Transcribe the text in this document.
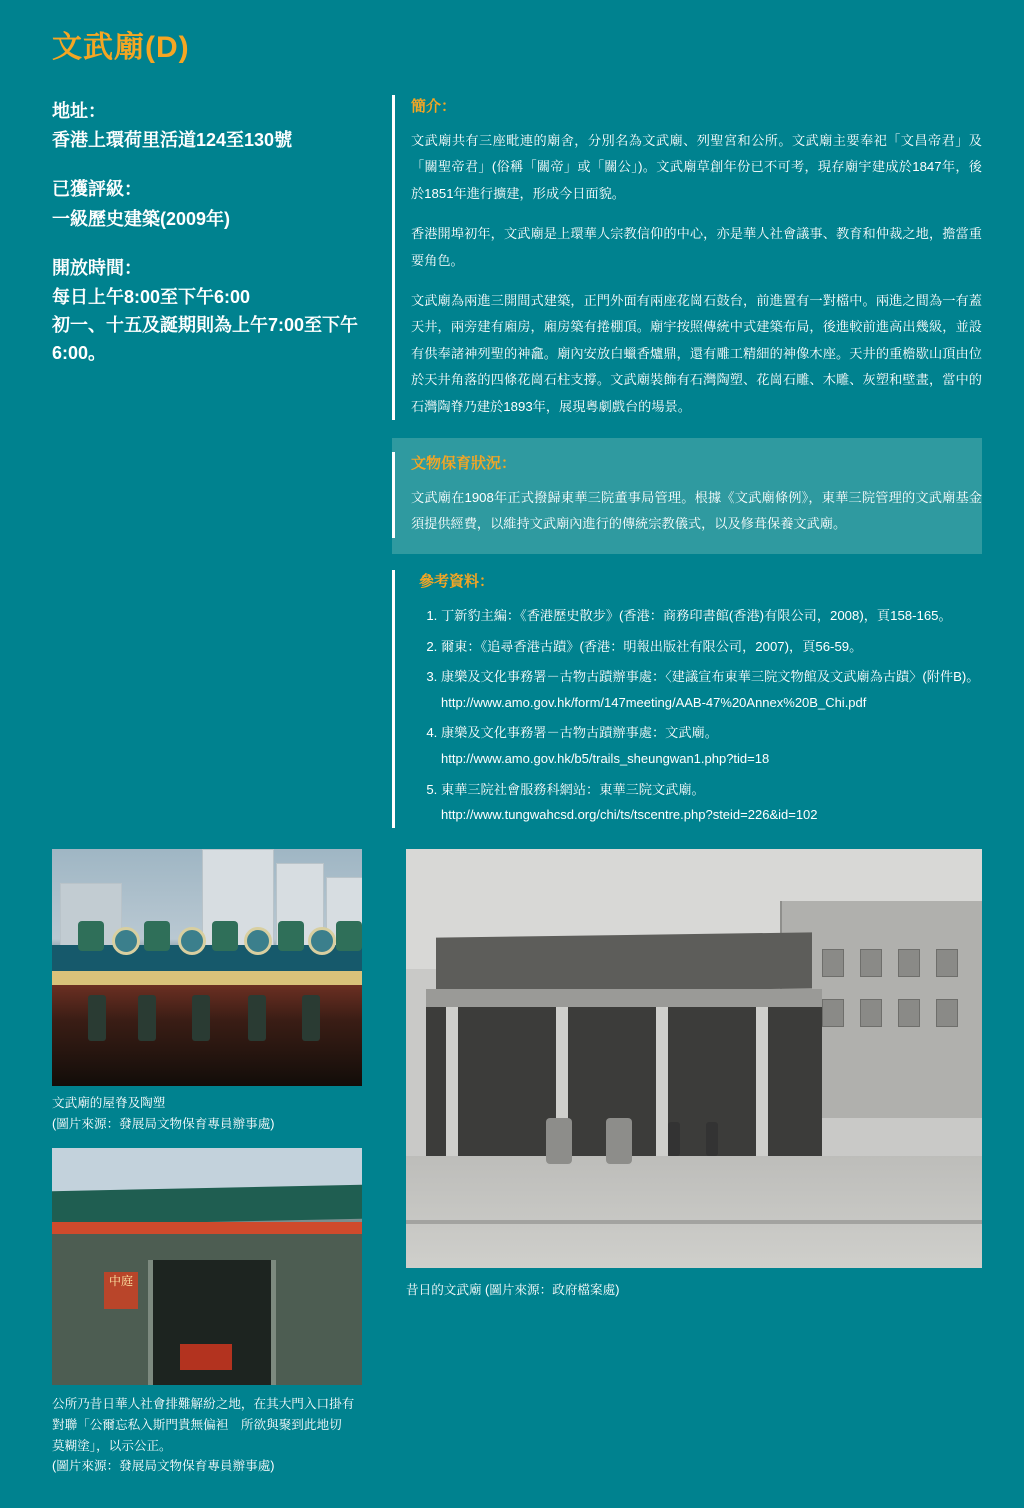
文武廟(D)
地址：
香港上環荷里活道124至130號
已獲評級：
一級歷史建築(2009年)
開放時間：
每日上午8:00至下午6:00
初一、十五及誕期則為上午7:00至下午6:00。
簡介：
文武廟共有三座毗連的廟舍，分別名為文武廟、列聖宮和公所。文武廟主要奉祀「文昌帝君」及「關聖帝君」(俗稱「關帝」或「關公」)。文武廟草創年份已不可考，現存廟宇建成於1847年，後於1851年進行擴建，形成今日面貌。
香港開埠初年，文武廟是上環華人宗教信仰的中心，亦是華人社會議事、教育和仲裁之地，擔當重要角色。
文武廟為兩進三開間式建築，正門外面有兩座花崗石鼓台，前進置有一對檔中。兩進之間為一有蓋天井，兩旁建有廂房，廂房築有捲棚頂。廟宇按照傳統中式建築布局，後進較前進高出幾級，並設有供奉諸神列聖的神龕。廟內安放白蠟香爐鼎，還有雕工精細的神像木座。天井的重檐歇山頂由位於天井角落的四條花崗石柱支撐。文武廟裝飾有石灣陶塑、花崗石雕、木雕、灰塑和壁畫，當中的石灣陶脊乃建於1893年，展現粵劇戲台的場景。
文物保育狀況：
文武廟在1908年正式撥歸東華三院董事局管理。根據《文武廟條例》，東華三院管理的文武廟基金須提供經費，以維持文武廟內進行的傳統宗教儀式，以及修葺保養文武廟。
參考資料：
1. 丁新豹主編：《香港歷史散步》(香港：商務印書館(香港)有限公司，2008)，頁158-165。
2. 爾東：《追尋香港古蹟》(香港：明報出版社有限公司，2007)，頁56-59。
3. 康樂及文化事務署－古物古蹟辦事處：〈建議宣布東華三院文物館及文武廟為古蹟〉(附件B)。
http://www.amo.gov.hk/form/147meeting/AAB-47%20Annex%20B_Chi.pdf
4. 康樂及文化事務署－古物古蹟辦事處：文武廟。
http://www.amo.gov.hk/b5/trails_sheungwan1.php?tid=18
5. 東華三院社會服務科網站：東華三院文武廟。
http://www.tungwahcsd.org/chi/ts/tscentre.php?steid=226&id=102
文武廟的屋脊及陶塑
(圖片來源：發展局文物保育專員辦事處)
中庭
公所乃昔日華人社會排難解紛之地，在其大門入口掛有
對聯「公爾忘私入斯門貴無偏袒　所欲與聚到此地切
莫糊塗」，以示公正。
(圖片來源：發展局文物保育專員辦事處)
昔日的文武廟 (圖片來源：政府檔案處)
